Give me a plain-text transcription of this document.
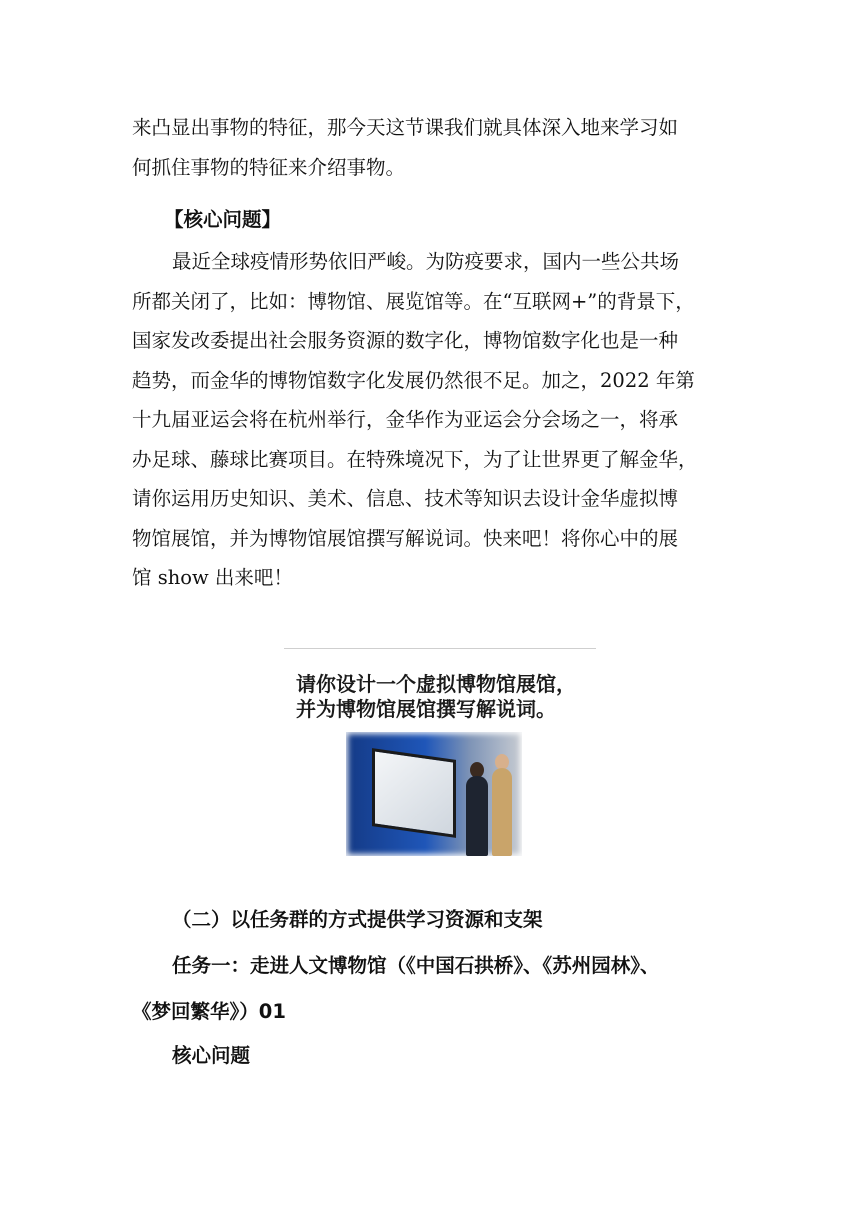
来凸显出事物的特征，那今天这节课我们就具体深入地来学习如
何抓住事物的特征来介绍事物。

【核心问题】

最近全球疫情形势依旧严峻。为防疫要求，国内一些公共场
所都关闭了，比如：博物馆、展览馆等。在“互联网+”的背景下，
国家发改委提出社会服务资源的数字化，博物馆数字化也是一种
趋势，而金华的博物馆数字化发展仍然很不足。加之，2022 年第
十九届亚运会将在杭州举行，金华作为亚运会分会场之一，将承
办足球、藤球比赛项目。在特殊境况下，为了让世界更了解金华，
请你运用历史知识、美术、信息、技术等知识去设计金华虚拟博
物馆展馆，并为博物馆展馆撰写解说词。快来吧！将你心中的展
馆 show 出来吧！
请你设计一个虚拟博物馆展馆，
并为博物馆展馆撰写解说词。

（二）以任务群的方式提供学习资源和支架

任务一：走进人文博物馆（《中国石拱桥》、《苏州园林》、

《梦回繁华》）01

核心问题
